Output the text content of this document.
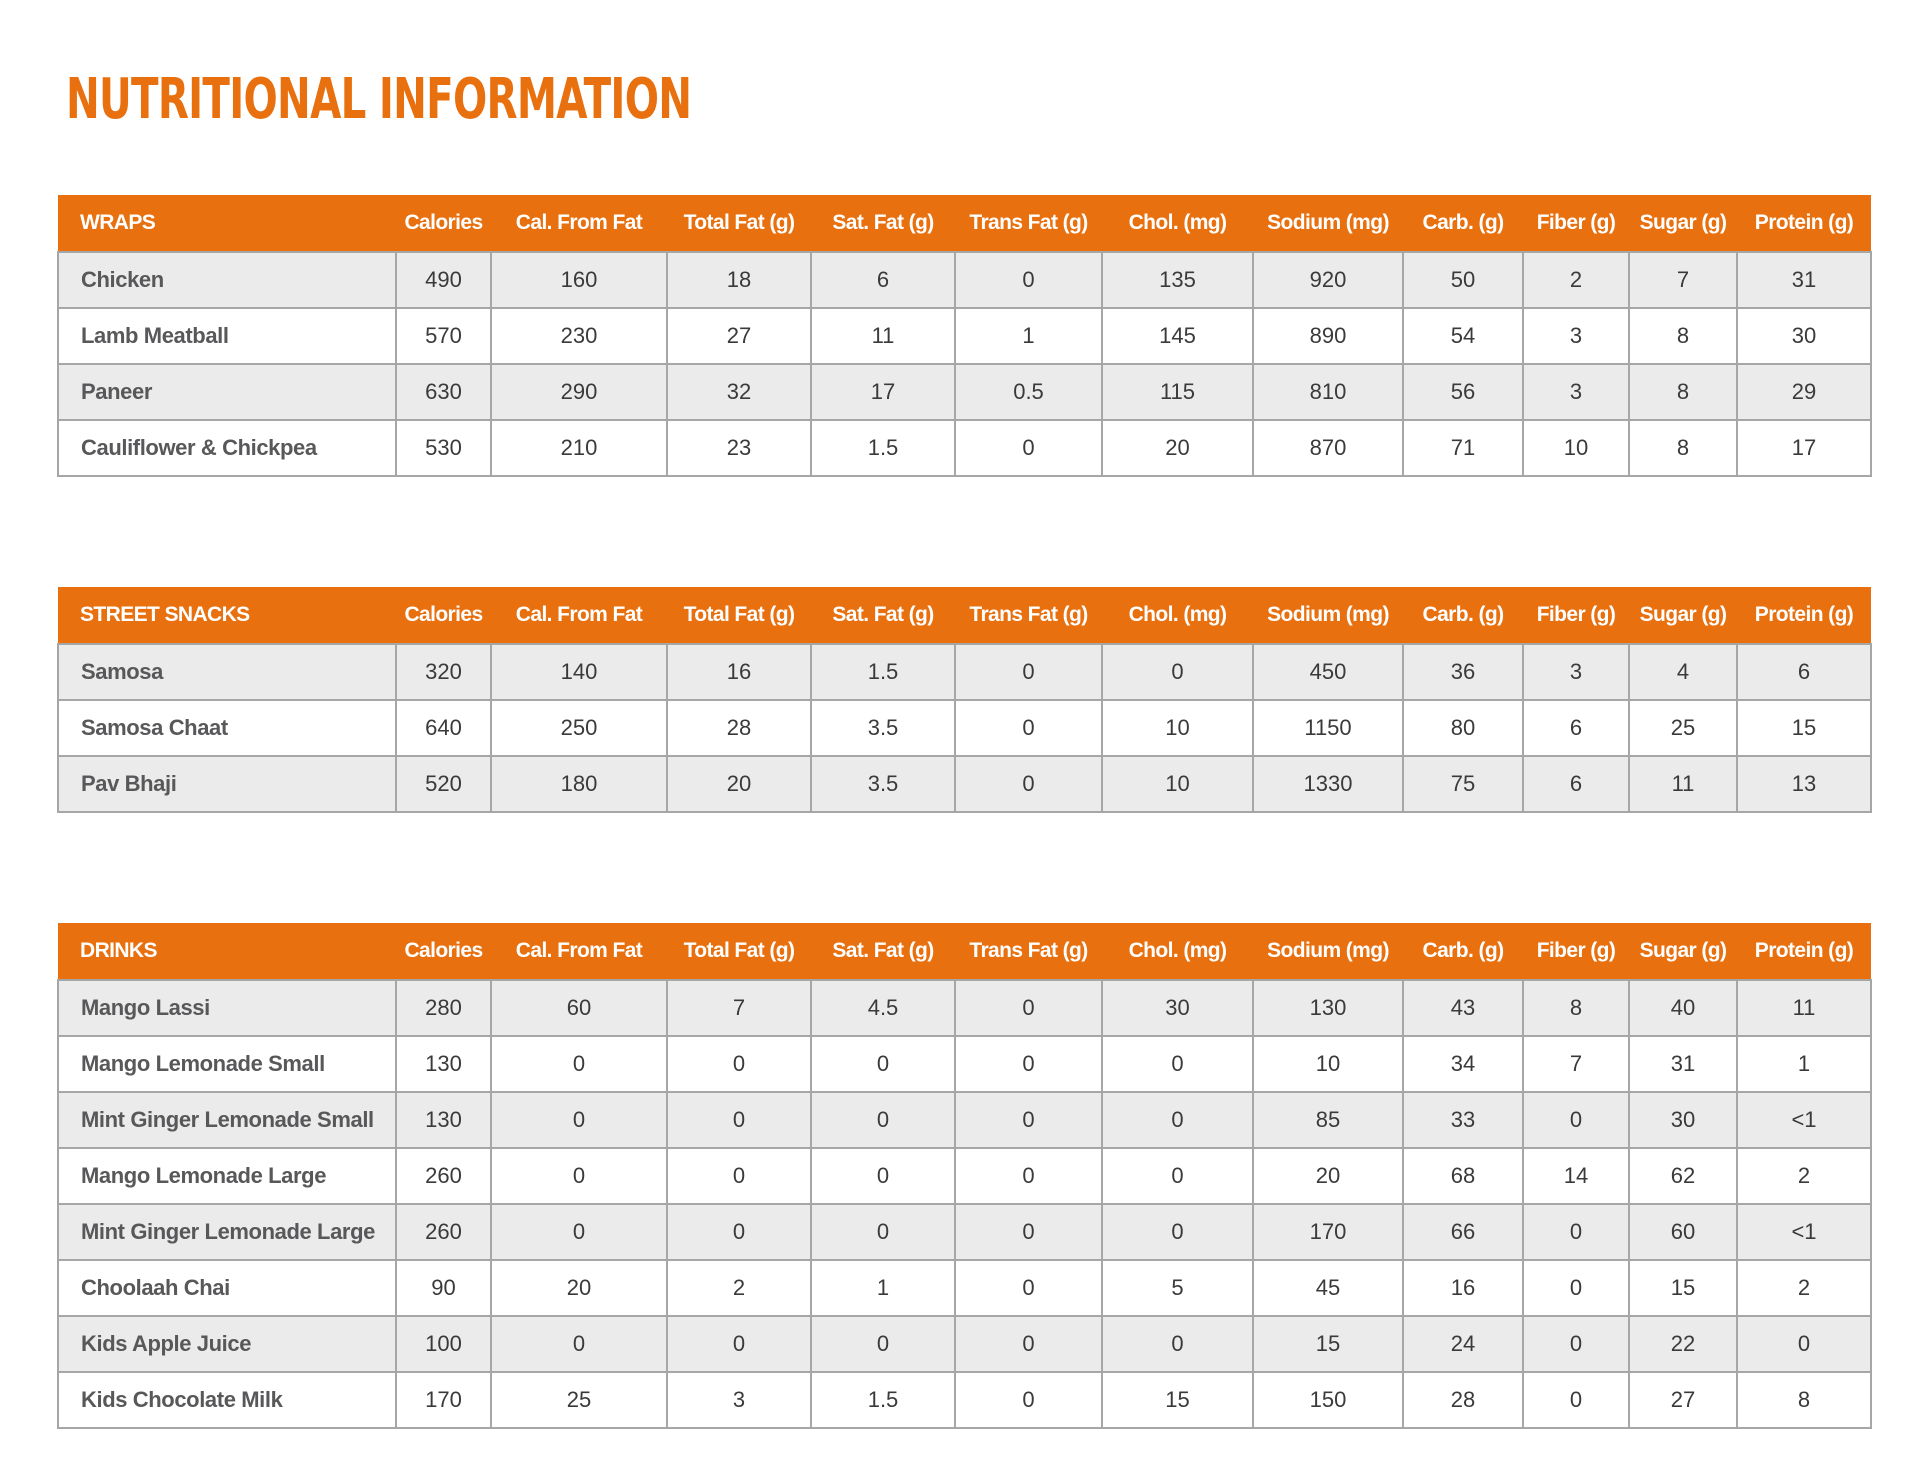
NUTRITIONAL INFORMATION
WRAPS	Calories	Cal. From Fat	Total Fat (g)	Sat. Fat (g)	Trans Fat (g)	Chol. (mg)	Sodium (mg)	Carb. (g)	Fiber (g)	Sugar (g)	Protein (g)
Chicken	490	160	18	6	0	135	920	50	2	7	31
Lamb Meatball	570	230	27	11	1	145	890	54	3	8	30
Paneer	630	290	32	17	0.5	115	810	56	3	8	29
Cauliflower & Chickpea	530	210	23	1.5	0	20	870	71	10	8	17
STREET SNACKS	Calories	Cal. From Fat	Total Fat (g)	Sat. Fat (g)	Trans Fat (g)	Chol. (mg)	Sodium (mg)	Carb. (g)	Fiber (g)	Sugar (g)	Protein (g)
Samosa	320	140	16	1.5	0	0	450	36	3	4	6
Samosa Chaat	640	250	28	3.5	0	10	1150	80	6	25	15
Pav Bhaji	520	180	20	3.5	0	10	1330	75	6	11	13
DRINKS	Calories	Cal. From Fat	Total Fat (g)	Sat. Fat (g)	Trans Fat (g)	Chol. (mg)	Sodium (mg)	Carb. (g)	Fiber (g)	Sugar (g)	Protein (g)
Mango Lassi	280	60	7	4.5	0	30	130	43	8	40	11
Mango Lemonade Small	130	0	0	0	0	0	10	34	7	31	1
Mint Ginger Lemonade Small	130	0	0	0	0	0	85	33	0	30	<1
Mango Lemonade Large	260	0	0	0	0	0	20	68	14	62	2
Mint Ginger Lemonade Large	260	0	0	0	0	0	170	66	0	60	<1
Choolaah Chai	90	20	2	1	0	5	45	16	0	15	2
Kids Apple Juice	100	0	0	0	0	0	15	24	0	22	0
Kids Chocolate Milk	170	25	3	1.5	0	15	150	28	0	27	8
